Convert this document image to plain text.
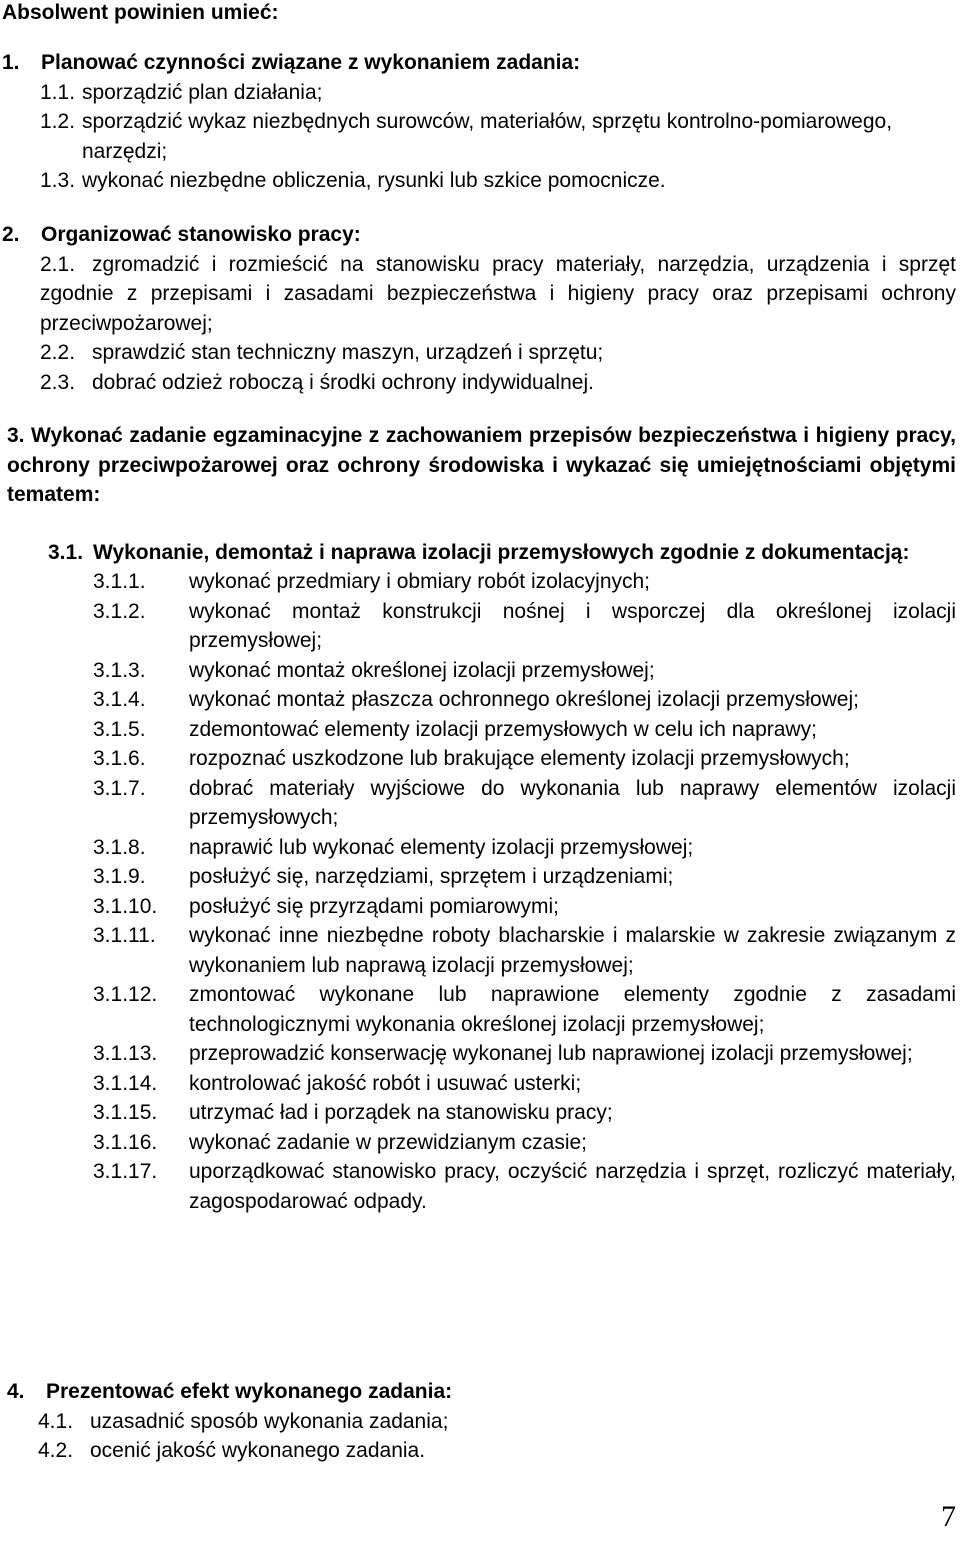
Absolwent powinien umieć:

1.	Planować czynności związane z wykonaniem zadania:
1.1. sporządzić plan działania;
1.2. sporządzić wykaz niezbędnych surowców, materiałów, sprzętu kontrolno-pomiarowego, narzędzi;
1.3. wykonać niezbędne obliczenia, rysunki lub szkice pomocnicze.
2.	Organizować stanowisko pracy:
2.1. zgromadzić i rozmieścić na stanowisku pracy materiały, narzędzia, urządzenia i sprzęt zgodnie z przepisami i zasadami bezpieczeństwa i higieny pracy oraz przepisami ochrony przeciwpożarowej;
2.2. sprawdzić stan techniczny maszyn, urządzeń i sprzętu;
2.3. dobrać odzież roboczą i środki ochrony indywidualnej.
3. Wykonać zadanie egzaminacyjne z zachowaniem przepisów bezpieczeństwa i higieny pracy, ochrony przeciwpożarowej oraz ochrony środowiska i wykazać się umiejętnościami objętymi tematem:
3.1. Wykonanie, demontaż i naprawa izolacji przemysłowych zgodnie z dokumentacją:
3.1.1.	wykonać przedmiary i obmiary robót izolacyjnych;
3.1.2.	wykonać montaż konstrukcji nośnej i wsporczej dla określonej izolacji przemysłowej;
3.1.3.	wykonać montaż określonej izolacji przemysłowej;
3.1.4.	wykonać montaż płaszcza ochronnego określonej izolacji przemysłowej;
3.1.5.	zdemontować elementy izolacji przemysłowych w celu ich naprawy;
3.1.6.	rozpoznać uszkodzone lub brakujące elementy izolacji przemysłowych;
3.1.7.	dobrać materiały wyjściowe do wykonania lub naprawy elementów izolacji przemysłowych;
3.1.8.	naprawić lub wykonać elementy izolacji przemysłowej;
3.1.9.	posłużyć się, narzędziami, sprzętem i urządzeniami;
3.1.10.	posłużyć się przyrządami pomiarowymi;
3.1.11.	wykonać inne niezbędne roboty blacharskie i malarskie w zakresie związanym z wykonaniem lub naprawą izolacji przemysłowej;
3.1.12.	zmontować wykonane lub naprawione elementy zgodnie z zasadami technologicznymi wykonania określonej izolacji przemysłowej;
3.1.13.	przeprowadzić konserwację wykonanej lub naprawionej izolacji przemysłowej;
3.1.14.	kontrolować jakość robót i usuwać usterki;
3.1.15.	utrzymać ład i porządek na stanowisku pracy;
3.1.16.	wykonać zadanie w przewidzianym czasie;
3.1.17.	uporządkować stanowisko pracy, oczyścić narzędzia i sprzęt, rozliczyć materiały, zagospodarować odpady.
4.	Prezentować efekt wykonanego zadania:
4.1. uzasadnić sposób wykonania zadania;
4.2. ocenić jakość wykonanego zadania.
7
